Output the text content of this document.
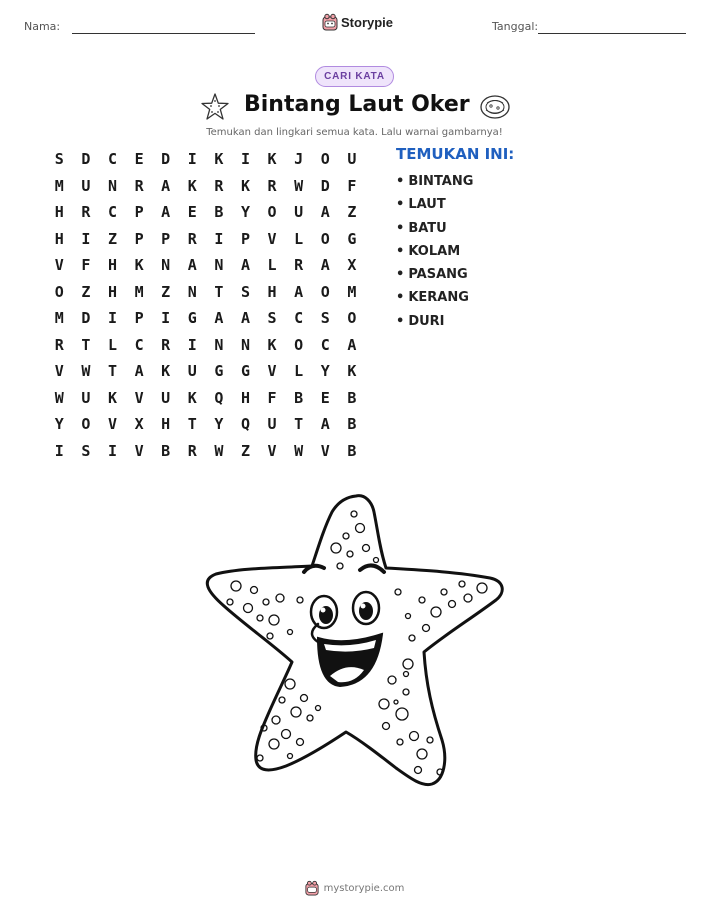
Nama:	Storypie	Tanggal:
CARI KATA
Bintang Laut Oker
Temukan dan lingkari semua kata. Lalu warnai gambarnya!
S	D	C	E	D	I	K	I	K	J	O	U
M	U	N	R	A	K	R	K	R	W	D	F
H	R	C	P	A	E	B	Y	O	U	A	Z
H	I	Z	P	P	R	I	P	V	L	O	G
V	F	H	K	N	A	N	A	L	R	A	X
O	Z	H	M	Z	N	T	S	H	A	O	M
M	D	I	P	I	G	A	A	S	C	S	O
R	T	L	C	R	I	N	N	K	O	C	A
V	W	T	A	K	U	G	G	V	L	Y	K
W	U	K	V	U	K	Q	H	F	B	E	B
Y	O	V	X	H	T	Y	Q	U	T	A	B
I	S	I	V	B	R	W	Z	V	W	V	B
TEMUKAN INI:
• BINTANG
• LAUT
• BATU
• KOLAM
• PASANG
• KERANG
• DURI
mystorypie.com
